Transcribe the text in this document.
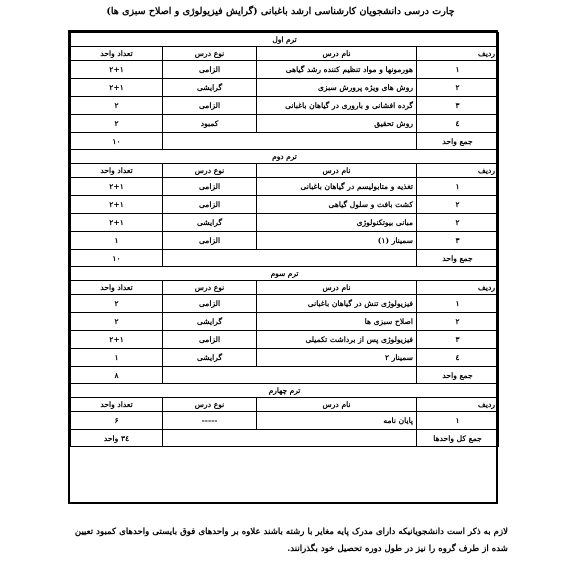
چارت درسی دانشجویان کارشناسی ارشد باغبانی (گرایش فیزیولوژی و اصلاح سبزی ها)
ترم اول			
ردیف	نام درس	نوع درس	تعداد واحد
۱	هورمونها و مواد تنظیم کننده رشد گیاهی	الزامی	۲+۱
۲	روش های ویژه پرورش سبزی	گرایشی	۲+۱
۳	گرده افشانی و باروری در گیاهان باغبانی	الزامی	۲
٤	روش تحقیق	کمبود	۲
جمع واحد			۱۰
ترم دوم			
ردیف	نام درس	نوع درس	تعداد واحد
۱	تغذیه و متابولیسم در گیاهان باغبانی	الزامی	۲+۱
۲	کشت بافت و سلول گیاهی	الزامی	۲+۱
۲	مبانی بیوتکنولوژی	گرایشی	۲+۱
۳	سمینار (۱)	الزامی	۱
جمع واحد			۱۰
ترم سوم			
ردیف	نام درس	نوع درس	تعداد واحد
۱	فیزیولوژی تنش در گیاهان باغبانی	الزامی	۲
۲	اصلاح سبزی ها	گرایشی	۲
۳	فیزیولوژی پس از برداشت تکمیلی	الزامی	۲+۱
٤	سمینار ۲	گرایشی	۱
جمع واحد			۸
ترم چهارم			
ردیف	نام درس	نوع درس	تعداد واحد
۱	پایان نامه	-----	۶
جمع کل واحدها			۳٤ واحد
لازم به ذکر است دانشجویانیکه دارای مدرک پایه مغایر با رشته باشند علاوه بر واحدهای فوق بایستی واحدهای کمبود تعیین
شده از طرف گروه را نیز در طول دوره تحصیل خود بگذرانند.
